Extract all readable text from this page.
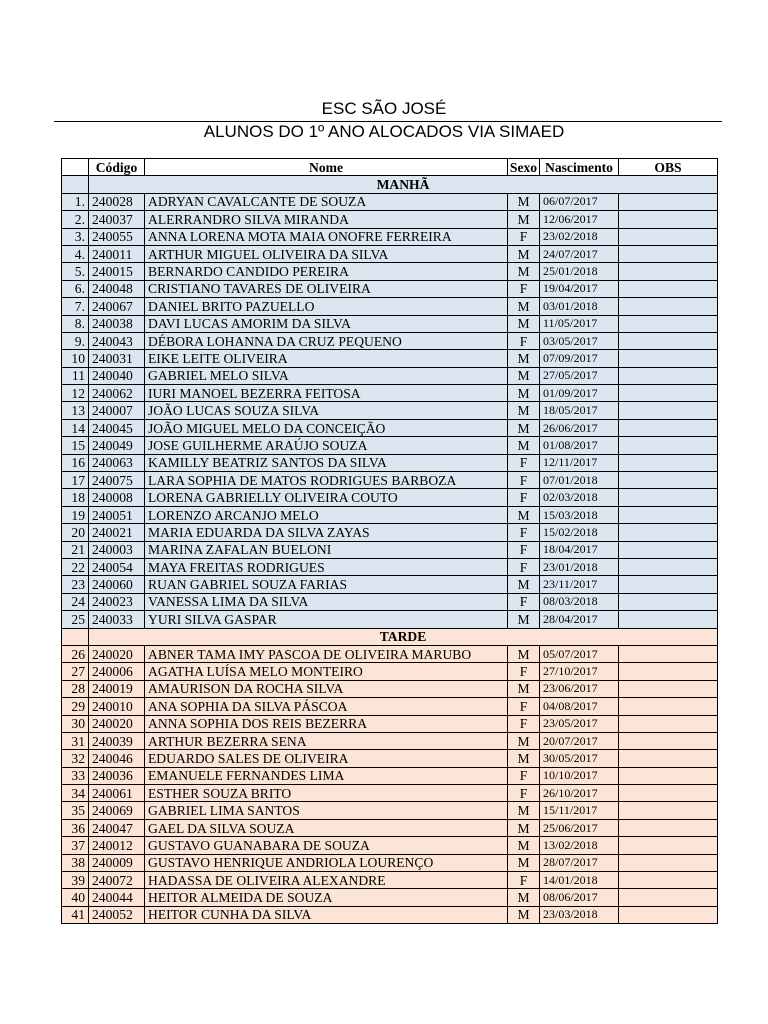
ESC SÃO JOSÉ
ALUNOS DO 1º ANO ALOCADOS VIA SIMAED
	Código	Nome	Sexo	Nascimento	OBS
	MANHÃ				
1.	240028	ADRYAN CAVALCANTE DE SOUZA	M	06/07/2017	
2.	240037	ALERRANDRO SILVA MIRANDA	M	12/06/2017	
3.	240055	ANNA LORENA MOTA MAIA ONOFRE FERREIRA	F	23/02/2018	
4.	240011	ARTHUR MIGUEL OLIVEIRA DA SILVA	M	24/07/2017	
5.	240015	BERNARDO CANDIDO PEREIRA	M	25/01/2018	
6.	240048	CRISTIANO TAVARES DE OLIVEIRA	F	19/04/2017	
7.	240067	DANIEL BRITO PAZUELLO	M	03/01/2018	
8.	240038	DAVI LUCAS AMORIM DA SILVA	M	11/05/2017	
9.	240043	DÉBORA LOHANNA DA CRUZ PEQUENO	F	03/05/2017	
10	240031	EIKE LEITE OLIVEIRA	M	07/09/2017	
11	240040	GABRIEL MELO SILVA	M	27/05/2017	
12	240062	IURI MANOEL BEZERRA FEITOSA	M	01/09/2017	
13	240007	JOÃO LUCAS SOUZA SILVA	M	18/05/2017	
14	240045	JOÃO MIGUEL MELO DA CONCEIÇÃO	M	26/06/2017	
15	240049	JOSE GUILHERME ARAÚJO SOUZA	M	01/08/2017	
16	240063	KAMILLY BEATRIZ SANTOS DA SILVA	F	12/11/2017	
17	240075	LARA SOPHIA DE MATOS RODRIGUES BARBOZA	F	07/01/2018	
18	240008	LORENA GABRIELLY OLIVEIRA COUTO	F	02/03/2018	
19	240051	LORENZO ARCANJO MELO	M	15/03/2018	
20	240021	MARIA EDUARDA DA SILVA ZAYAS	F	15/02/2018	
21	240003	MARINA ZAFALAN BUELONI	F	18/04/2017	
22	240054	MAYA FREITAS RODRIGUES	F	23/01/2018	
23	240060	RUAN GABRIEL SOUZA FARIAS	M	23/11/2017	
24	240023	VANESSA LIMA DA SILVA	F	08/03/2018	
25	240033	YURI SILVA GASPAR	M	28/04/2017	
	TARDE				
26	240020	ABNER TAMA IMY PASCOA DE OLIVEIRA MARUBO	M	05/07/2017	
27	240006	AGATHA LUÍSA MELO MONTEIRO	F	27/10/2017	
28	240019	AMAURISON DA ROCHA SILVA	M	23/06/2017	
29	240010	ANA SOPHIA DA SILVA PÁSCOA	F	04/08/2017	
30	240020	ANNA SOPHIA DOS REIS BEZERRA	F	23/05/2017	
31	240039	ARTHUR BEZERRA SENA	M	20/07/2017	
32	240046	EDUARDO SALES DE OLIVEIRA	M	30/05/2017	
33	240036	EMANUELE FERNANDES LIMA	F	10/10/2017	
34	240061	ESTHER SOUZA BRITO	F	26/10/2017	
35	240069	GABRIEL LIMA SANTOS	M	15/11/2017	
36	240047	GAEL DA SILVA SOUZA	M	25/06/2017	
37	240012	GUSTAVO GUANABARA DE SOUZA	M	13/02/2018	
38	240009	GUSTAVO HENRIQUE ANDRIOLA LOURENÇO	M	28/07/2017	
39	240072	HADASSA DE OLIVEIRA ALEXANDRE	F	14/01/2018	
40	240044	HEITOR ALMEIDA DE SOUZA	M	08/06/2017	
41	240052	HEITOR CUNHA DA SILVA	M	23/03/2018	
